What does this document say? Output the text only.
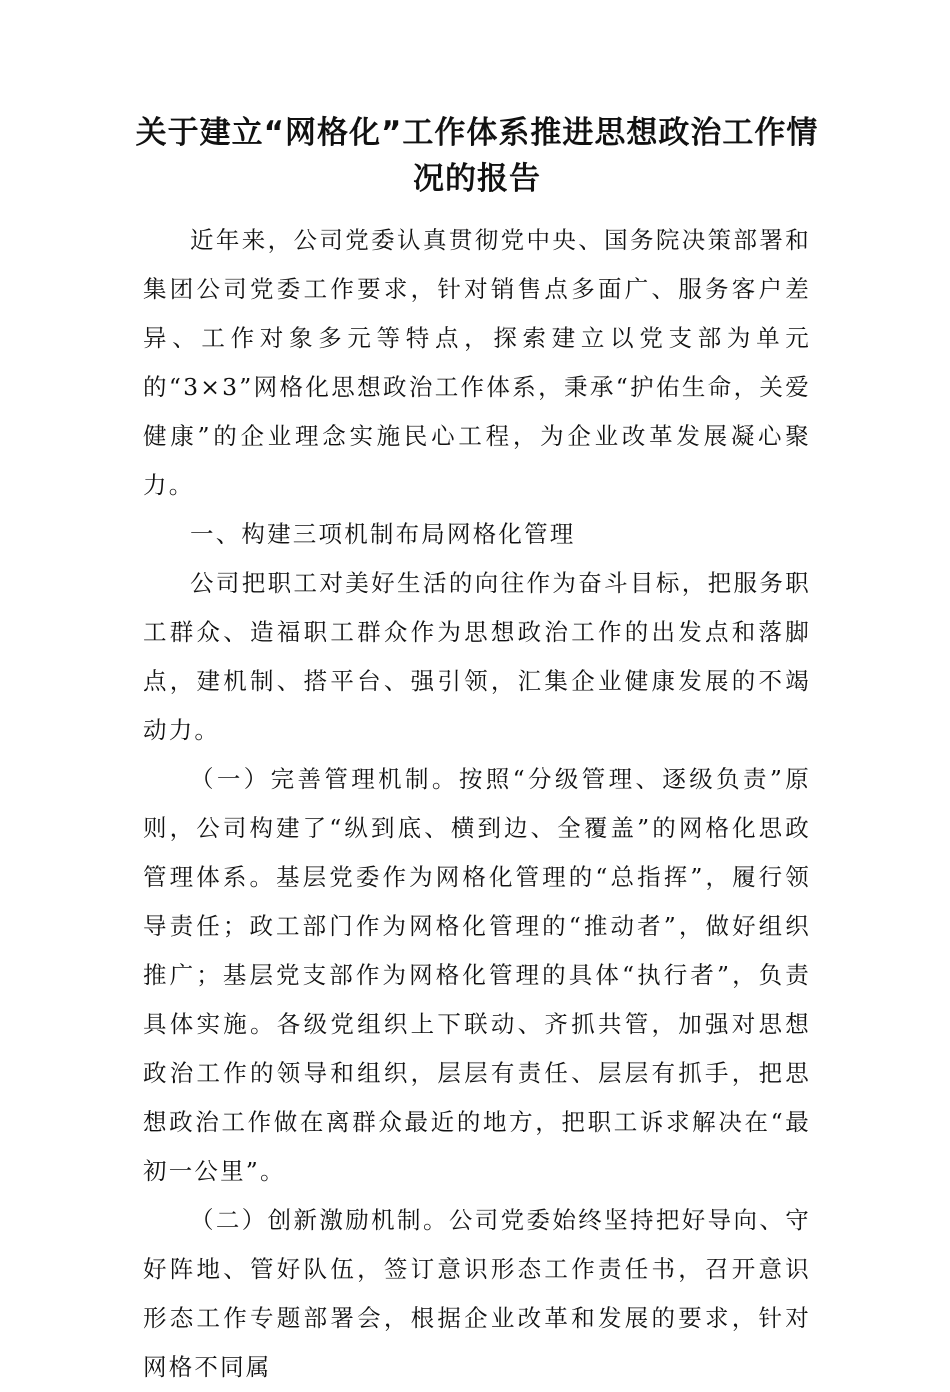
关于建立“网格化”工作体系推进思想政治工作情况的报告

近年来，公司党委认真贯彻党中央、国务院决策部署和集团公司党委工作要求，针对销售点多面广、服务客户差异、工作对象多元等特点，探索建立以党支部为单元的“3×3”网格化思想政治工作体系，秉承“护佑生命，关爱健康”的企业理念实施民心工程，为企业改革发展凝心聚力。

一、构建三项机制布局网格化管理

公司把职工对美好生活的向往作为奋斗目标，把服务职工群众、造福职工群众作为思想政治工作的出发点和落脚点，建机制、搭平台、强引领，汇集企业健康发展的不竭动力。

（一）完善管理机制。按照“分级管理、逐级负责”原则，公司构建了“纵到底、横到边、全覆盖”的网格化思政管理体系。基层党委作为网格化管理的“总指挥”，履行领导责任；政工部门作为网格化管理的“推动者”，做好组织推广；基层党支部作为网格化管理的具体“执行者”，负责具体实施。各级党组织上下联动、齐抓共管，加强对思想政治工作的领导和组织，层层有责任、层层有抓手，把思想政治工作做在离群众最近的地方，把职工诉求解决在“最初一公里”。

（二）创新激励机制。公司党委始终坚持把好导向、守好阵地、管好队伍，签订意识形态工作责任书，召开意识形态工作专题部署会，根据企业改革和发展的要求，针对网格不同属
